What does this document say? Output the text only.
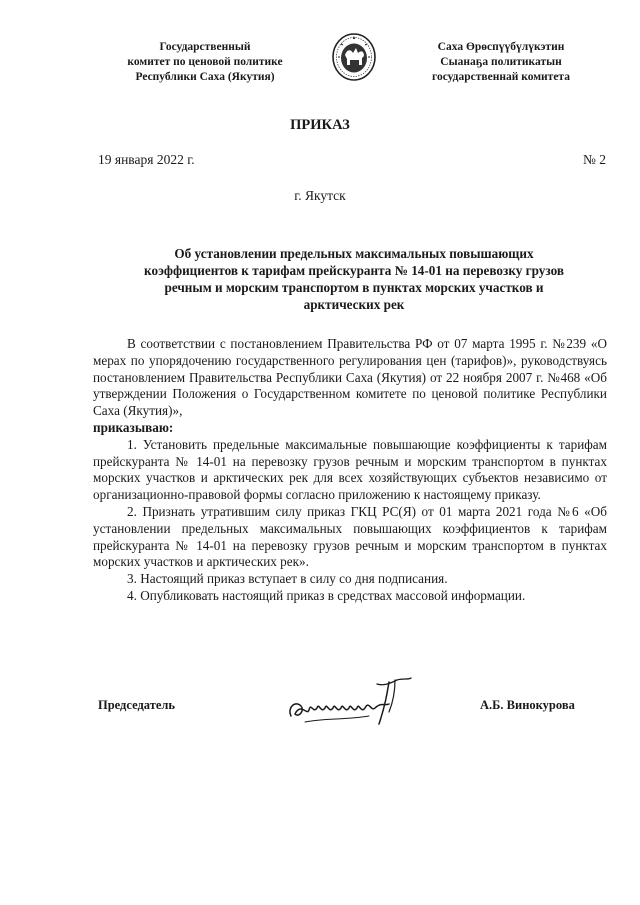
Государственный
комитет по ценовой политике
Республики Саха (Якутия)
Саха Өрөспүүбүлүкэтин
Сыанаҕа политикатын
государственнай комитета
ПРИКАЗ
19 января 2022 г.	№ 2
г. Якутск
Об установлении предельных максимальных повышающих
коэффициентов к тарифам прейскуранта № 14-01 на перевозку грузов
речным и морским транспортом в пунктах морских участков и
арктических рек

В соответствии с постановлением Правительства РФ от 07 марта 1995 г. №239 «О мерах по упорядочению государственного регулирования цен (тарифов)», руководствуясь постановлением Правительства Республики Саха (Якутия) от 22 ноября 2007 г. №468 «Об утверждении Положения о Государственном комитете по ценовой политике Республики Саха (Якутия)»,

приказываю:

1. Установить предельные максимальные повышающие коэффициенты к тарифам прейскуранта № 14-01 на перевозку грузов речным и морским транспортом в пунктах морских участков и арктических рек для всех хозяйствующих субъектов независимо от организационно-правовой формы согласно приложению к настоящему приказу.

2. Признать утратившим силу приказ ГКЦ РС(Я) от 01 марта 2021 года №6 «Об установлении предельных максимальных повышающих коэффициентов к тарифам прейскуранта № 14-01 на перевозку грузов речным и морским транспортом в пунктах морских участков и арктических рек».

3. Настоящий приказ вступает в силу со дня подписания.

4. Опубликовать настоящий приказ в средствах массовой информации.

Председатель	А.Б. Винокурова
